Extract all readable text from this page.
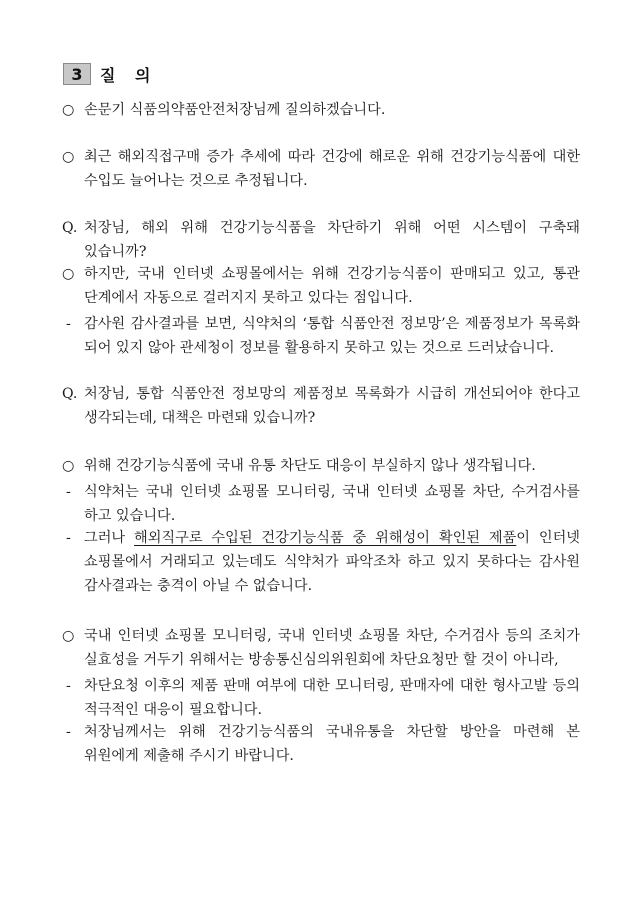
3	질 의
○ 손문기 식품의약품안전처장님께 질의하겠습니다.
○ 최근 해외직접구매 증가 추세에 따라 건강에 해로운 위해 건강기능식품에 대한 수입도 늘어나는 것으로 추정됩니다.
Q. 처장님, 해외 위해 건강기능식품을 차단하기 위해 어떤 시스템이 구축돼 있습니까?
○ 하지만, 국내 인터넷 쇼핑몰에서는 위해 건강기능식품이 판매되고 있고, 통관 단계에서 자동으로 걸러지지 못하고 있다는 점입니다.
- 감사원 감사결과를 보면, 식약처의 ‘통합 식품안전 정보망’은 제품정보가 목록화 되어 있지 않아 관세청이 정보를 활용하지 못하고 있는 것으로 드러났습니다.
Q. 처장님, 통합 식품안전 정보망의 제품정보 목록화가 시급히 개선되어야 한다고 생각되는데, 대책은 마련돼 있습니까?
○ 위해 건강기능식품에 국내 유통 차단도 대응이 부실하지 않나 생각됩니다.
- 식약처는 국내 인터넷 쇼핑몰 모니터링, 국내 인터넷 쇼핑몰 차단, 수거검사를 하고 있습니다.
- 그러나 해외직구로 수입된 건강기능식품 중 위해성이 확인된 제품이 인터넷 쇼핑몰에서 거래되고 있는데도 식약처가 파악조차 하고 있지 못하다는 감사원 감사결과는 충격이 아닐 수 없습니다.
○ 국내 인터넷 쇼핑몰 모니터링, 국내 인터넷 쇼핑몰 차단, 수거검사 등의 조치가 실효성을 거두기 위해서는 방송통신심의위원회에 차단요청만 할 것이 아니라,
- 차단요청 이후의 제품 판매 여부에 대한 모니터링, 판매자에 대한 형사고발 등의 적극적인 대응이 필요합니다.
- 처장님께서는 위해 건강기능식품의 국내유통을 차단할 방안을 마련해 본 위원에게 제출해 주시기 바랍니다.
